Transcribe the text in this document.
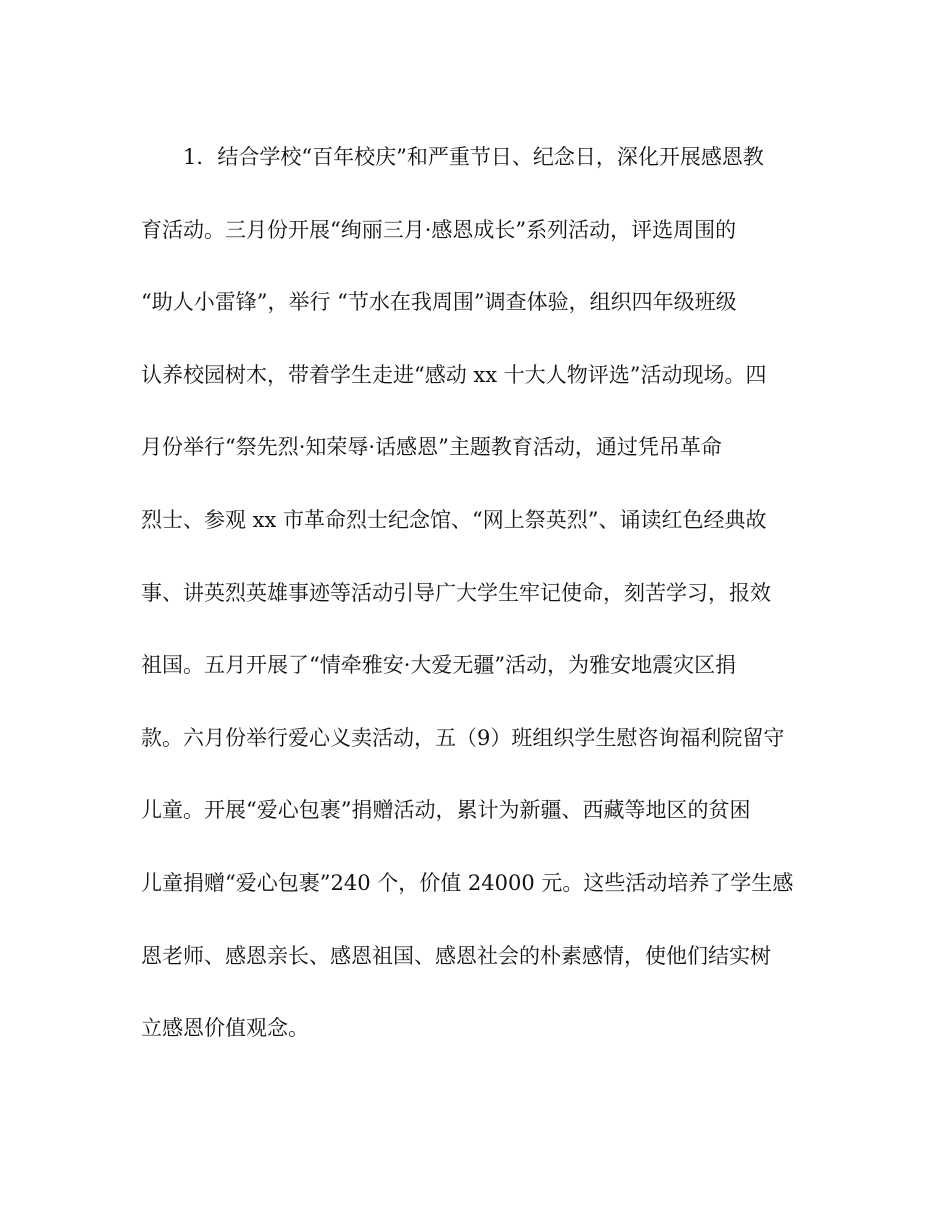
　　1．结合学校“百年校庆”和严重节日、纪念日，深化开展感恩教
育活动。三月份开展“绚丽三月·感恩成长”系列活动，评选周围的
“助人小雷锋”，举行 “节水在我周围”调查体验，组织四年级班级
认养校园树木，带着学生走进“感动 xx 十大人物评选”活动现场。四
月份举行“祭先烈·知荣辱·话感恩”主题教育活动，通过凭吊革命
烈士、参观 xx 市革命烈士纪念馆、“网上祭英烈”、诵读红色经典故
事、讲英烈英雄事迹等活动引导广大学生牢记使命，刻苦学习，报效
祖国。五月开展了“情牵雅安·大爱无疆”活动，为雅安地震灾区捐
款。六月份举行爱心义卖活动，五（9）班组织学生慰咨询福利院留守
儿童。开展“爱心包裹”捐赠活动，累计为新疆、西藏等地区的贫困
儿童捐赠“爱心包裹”240 个，价值 24000 元。这些活动培养了学生感
恩老师、感恩亲长、感恩祖国、感恩社会的朴素感情，使他们结实树
立感恩价值观念。
